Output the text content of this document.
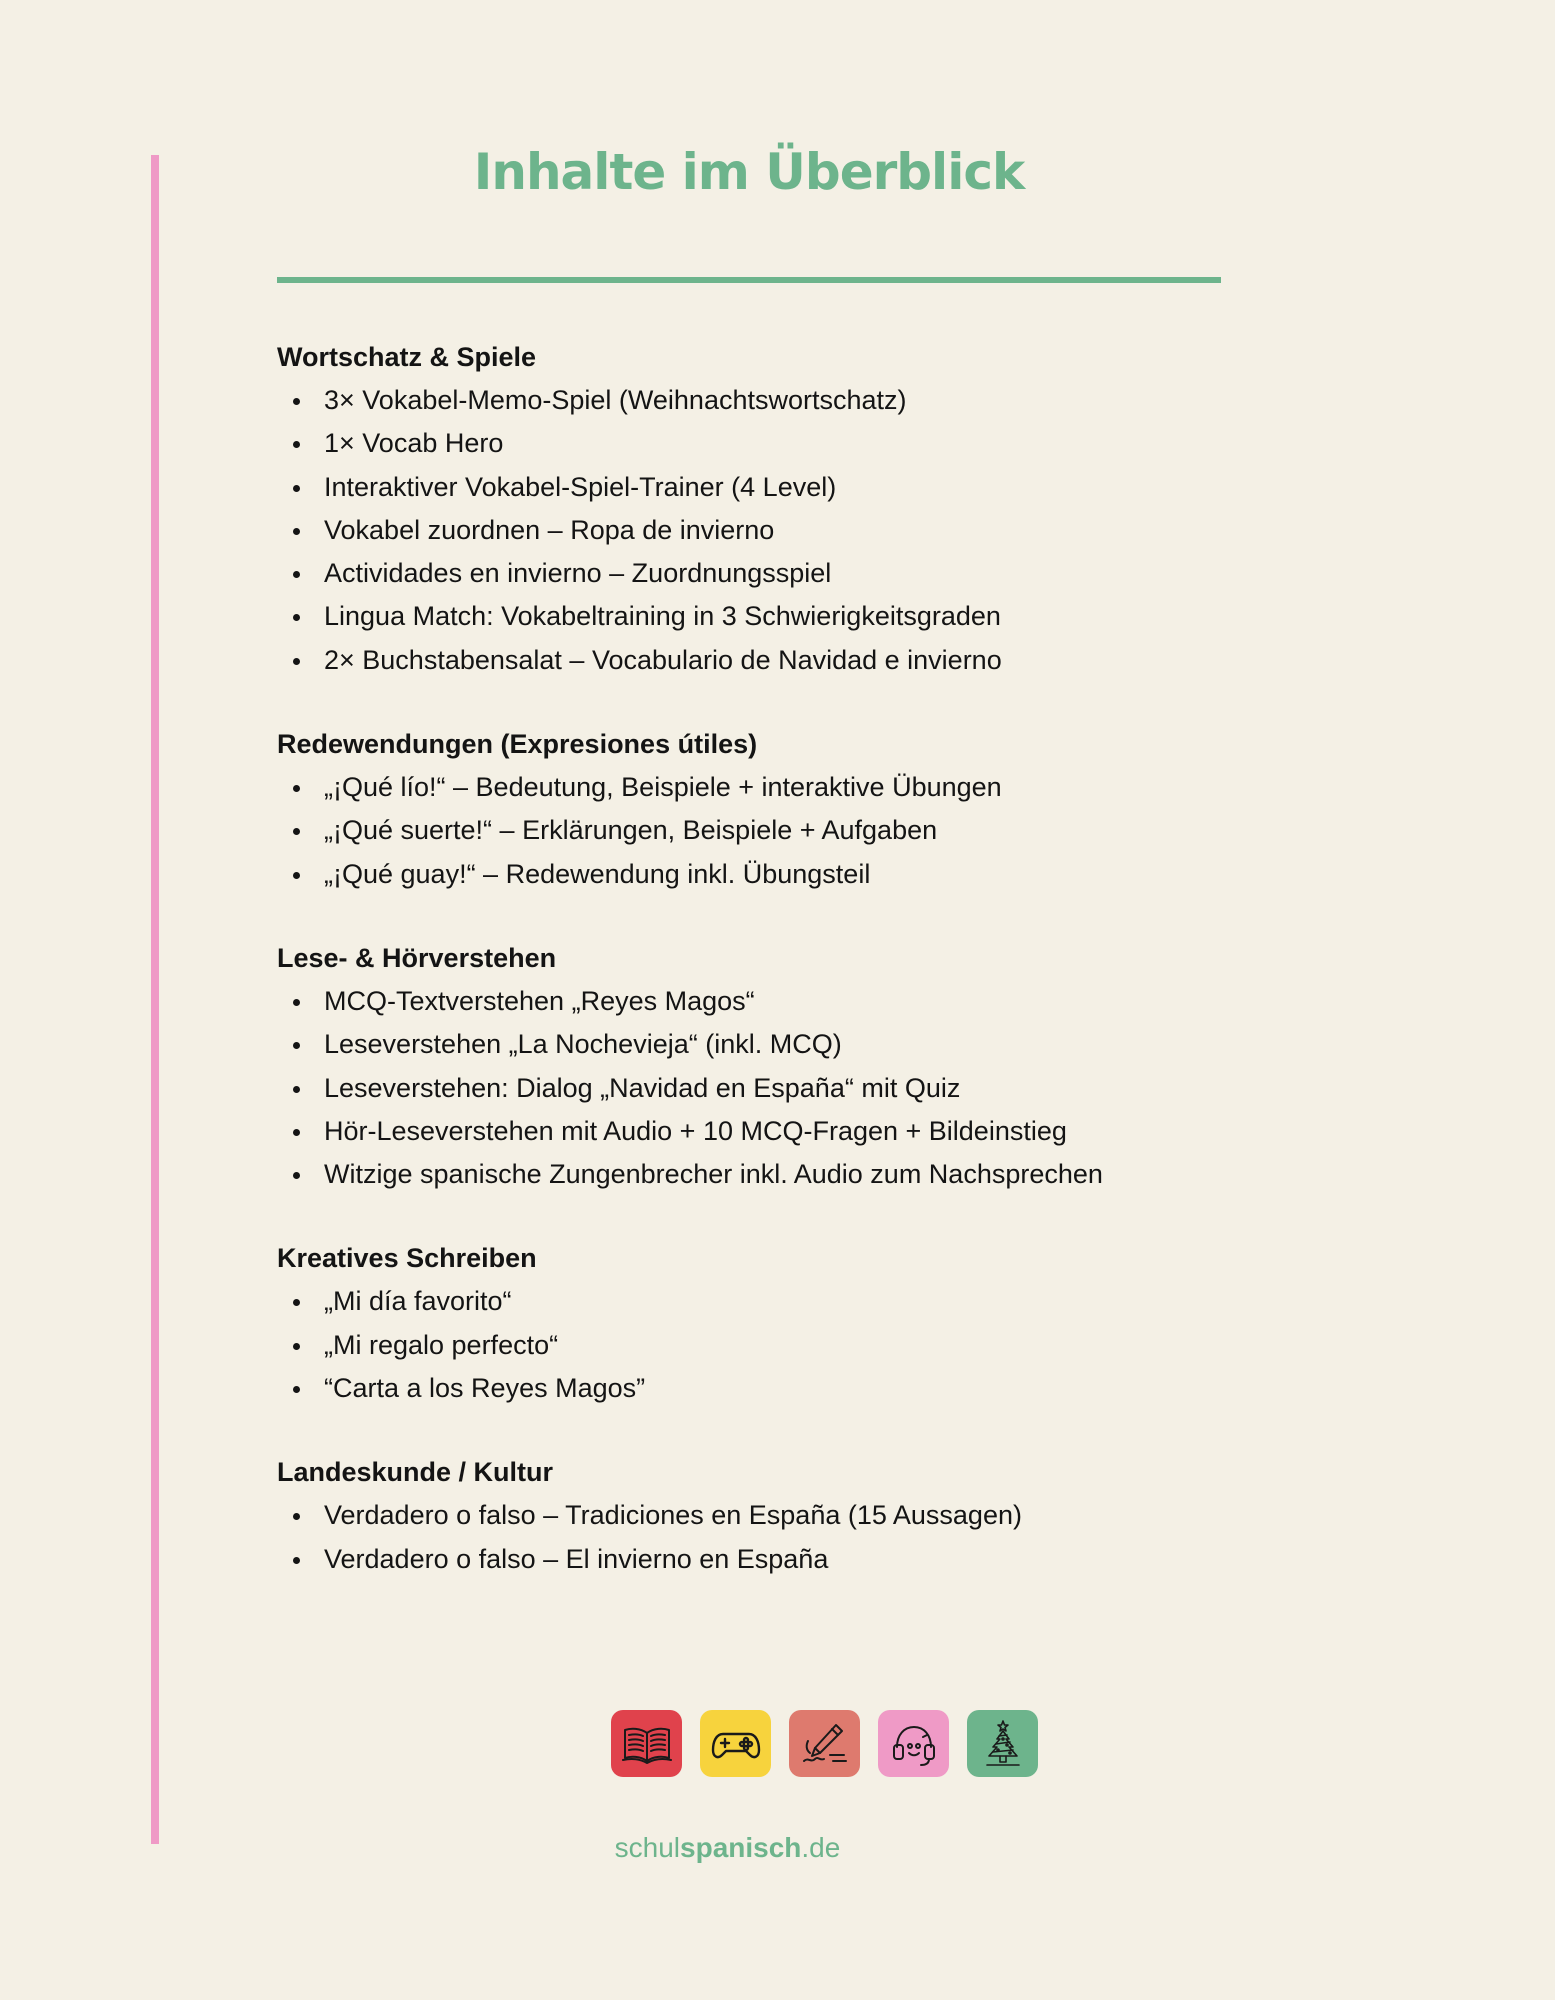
Inhalte im Überblick
Wortschatz & Spiele
3× Vokabel-Memo-Spiel (Weihnachtswortschatz)
1× Vocab Hero
Interaktiver Vokabel-Spiel-Trainer (4 Level)
Vokabel zuordnen – Ropa de invierno
Actividades en invierno – Zuordnungsspiel
Lingua Match: Vokabeltraining in 3 Schwierigkeitsgraden
2× Buchstabensalat – Vocabulario de Navidad e invierno
Redewendungen (Expresiones útiles)
„¡Qué lío!“ – Bedeutung, Beispiele + interaktive Übungen
„¡Qué suerte!“ – Erklärungen, Beispiele + Aufgaben
„¡Qué guay!“ – Redewendung inkl. Übungsteil
Lese- & Hörverstehen
MCQ-Textverstehen „Reyes Magos“
Leseverstehen „La Nochevieja“ (inkl. MCQ)
Leseverstehen: Dialog „Navidad en España“ mit Quiz
Hör-Leseverstehen mit Audio + 10 MCQ-Fragen + Bildeinstieg
Witzige spanische Zungenbrecher inkl. Audio zum Nachsprechen
Kreatives Schreiben
„Mi día favorito“
„Mi regalo perfecto“
“Carta a los Reyes Magos”
Landeskunde / Kultur
Verdadero o falso – Tradiciones en España (15 Aussagen)
Verdadero o falso – El invierno en España
schulspanisch.de
